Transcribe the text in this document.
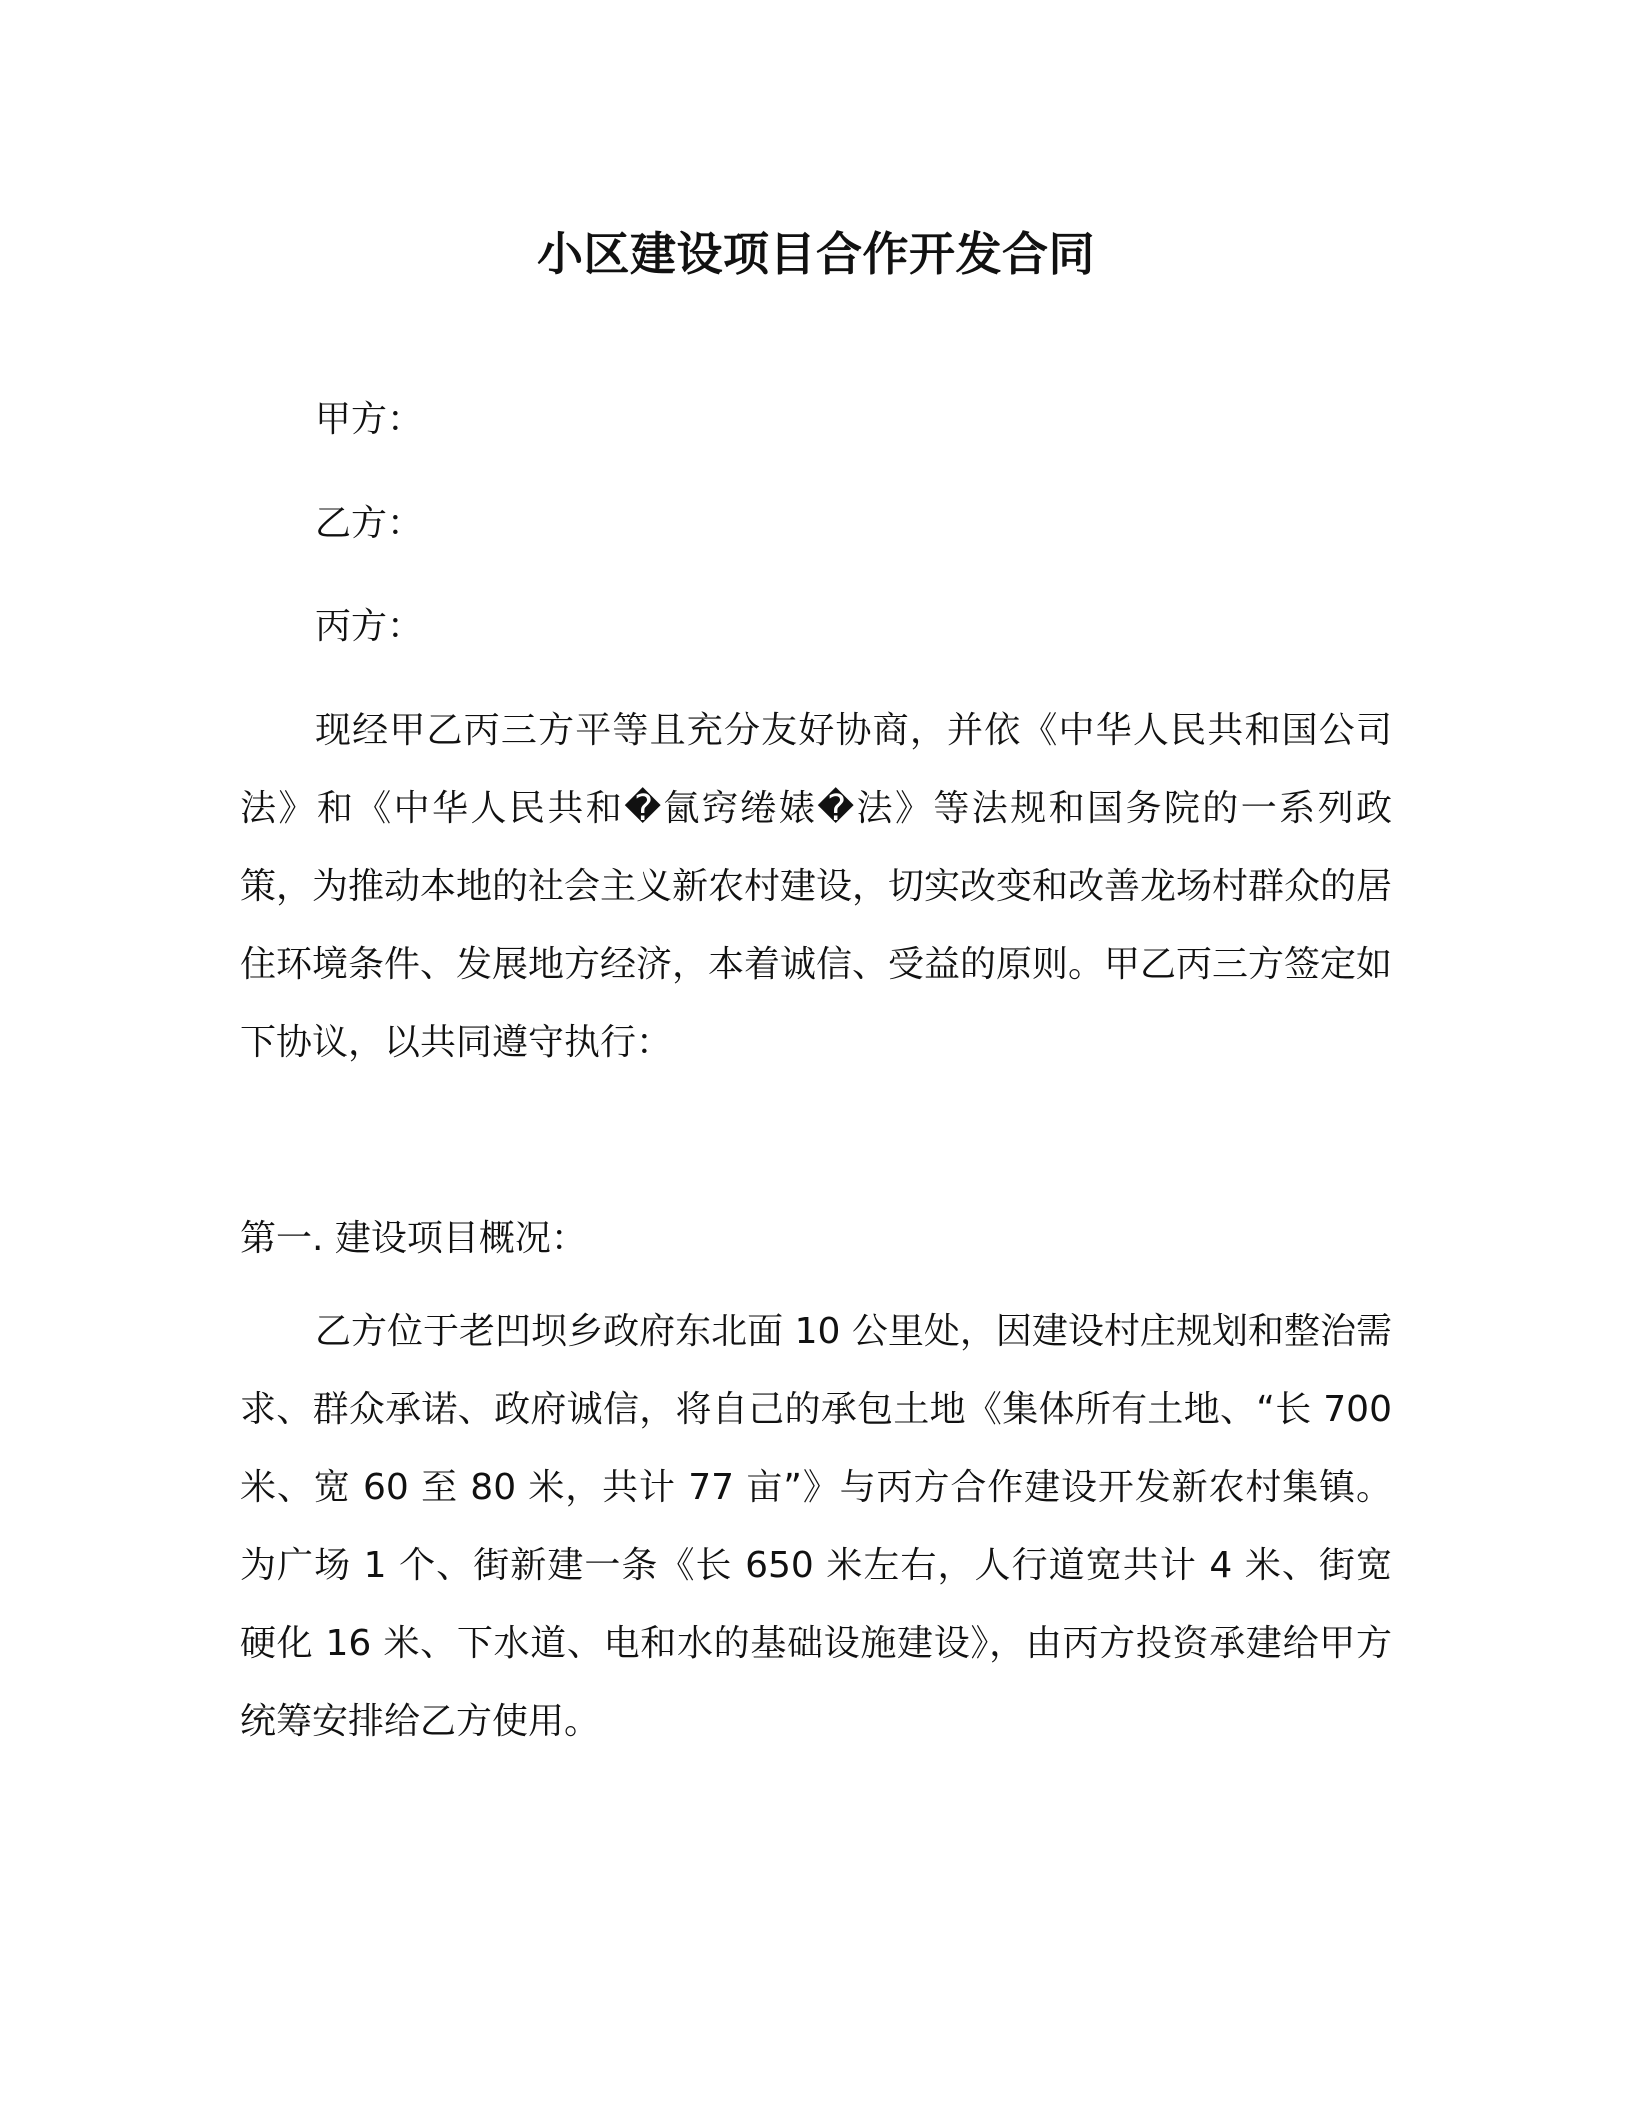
小区建设项目合作开发合同

甲方：

乙方：

丙方：

现经甲乙丙三方平等且充分友好协商，并依《中华人民共和国公司法》和《中华人民共和�氤窍绻婊�法》等法规和国务院的一系列政策，为推动本地的社会主义新农村建设，切实改变和改善龙场村群众的居住环境条件、发展地方经济，本着诚信、受益的原则。甲乙丙三方签定如下协议，以共同遵守执行：

第一. 建设项目概况：

乙方位于老凹坝乡政府东北面 10 公里处，因建设村庄规划和整治需求、群众承诺、政府诚信，将自己的承包土地《集体所有土地、“长 700 米、宽 60 至 80 米，共计 77 亩”》与丙方合作建设开发新农村集镇。为广场 1 个、街新建一条《长 650 米左右，人行道宽共计 4 米、街宽硬化 16 米、下水道、电和水的基础设施建设》，由丙方投资承建给甲方统筹安排给乙方使用。
